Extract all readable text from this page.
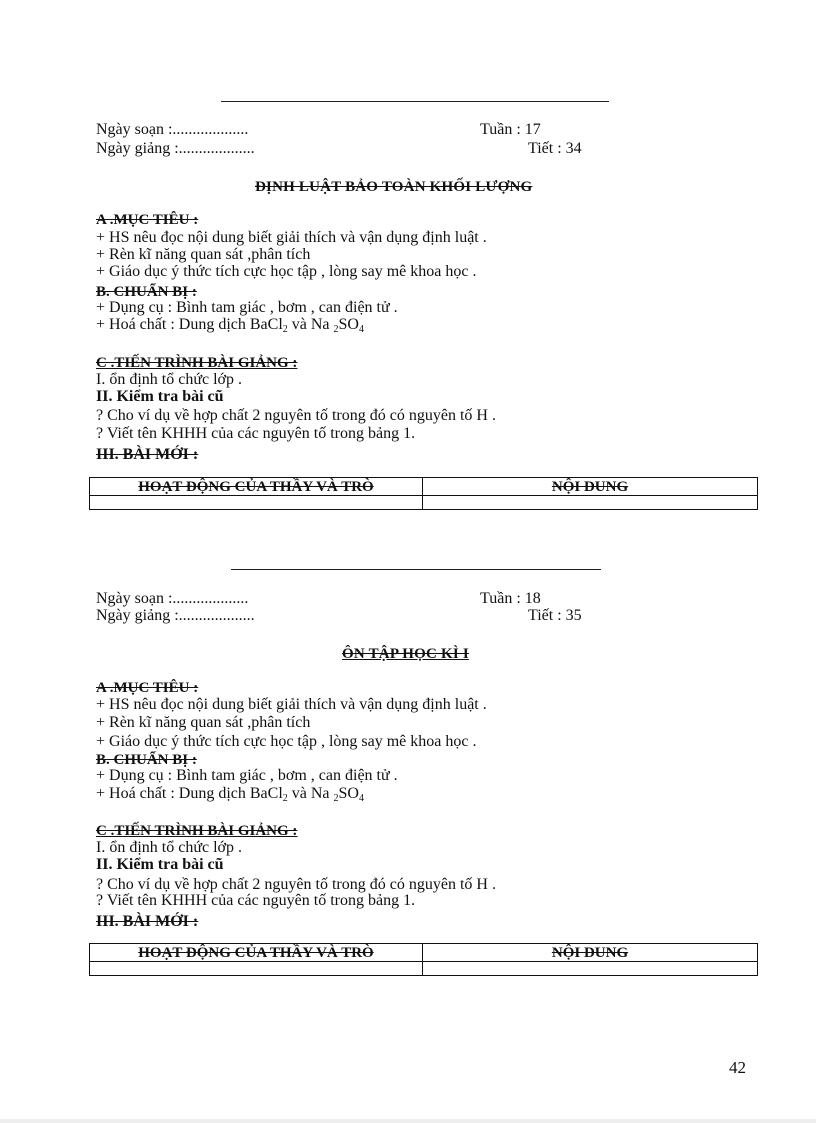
Ngày soạn :...................	Tuần : 17
Ngày giảng :...................	Tiết : 34
ĐỊNH LUẬT BẢO TOÀN KHỐI LƯỢNG
A .MỤC TIÊU :
+ HS nêu đọc nội dung biết giải thích và vận dụng định luật .
+ Rèn kĩ năng quan sát ,phân tích
+ Giáo dục ý thức tích cực học tập , lòng say mê khoa học .
B. CHUẨN BỊ :
+ Dụng cụ : Bình tam giác , bơm , can điện tử .
+ Hoá chất : Dung dịch BaCl2 và Na 2SO4
C .TIẾN TRÌNH BÀI GIẢNG :
I. ổn định tổ chức lớp .
II. Kiểm tra bài cũ
? Cho ví dụ về hợp chất 2 nguyên tố trong đó có nguyên tố H .
? Viết tên KHHH của các nguyên tố trong bảng 1.
III. BÀI MỚI :
HOẠT ĐỘNG CỦA THẦY VÀ TRÒ	NỘI DUNG

Ngày soạn :...................	Tuần : 18
Ngày giảng :...................	Tiết : 35
ÔN TẬP HỌC KÌ I
A .MỤC TIÊU :
+ HS nêu đọc nội dung biết giải thích và vận dụng định luật .
+ Rèn kĩ năng quan sát ,phân tích
+ Giáo dục ý thức tích cực học tập , lòng say mê khoa học .
B. CHUẨN BỊ :
+ Dụng cụ : Bình tam giác , bơm , can điện tử .
+ Hoá chất : Dung dịch BaCl2 và Na 2SO4
C .TIẾN TRÌNH BÀI GIẢNG :
I. ổn định tổ chức lớp .
II. Kiểm tra bài cũ
? Cho ví dụ về hợp chất 2 nguyên tố trong đó có nguyên tố H .
? Viết tên KHHH của các nguyên tố trong bảng 1.
III. BÀI MỚI :
HOẠT ĐỘNG CỦA THẦY VÀ TRÒ	NỘI DUNG

42
